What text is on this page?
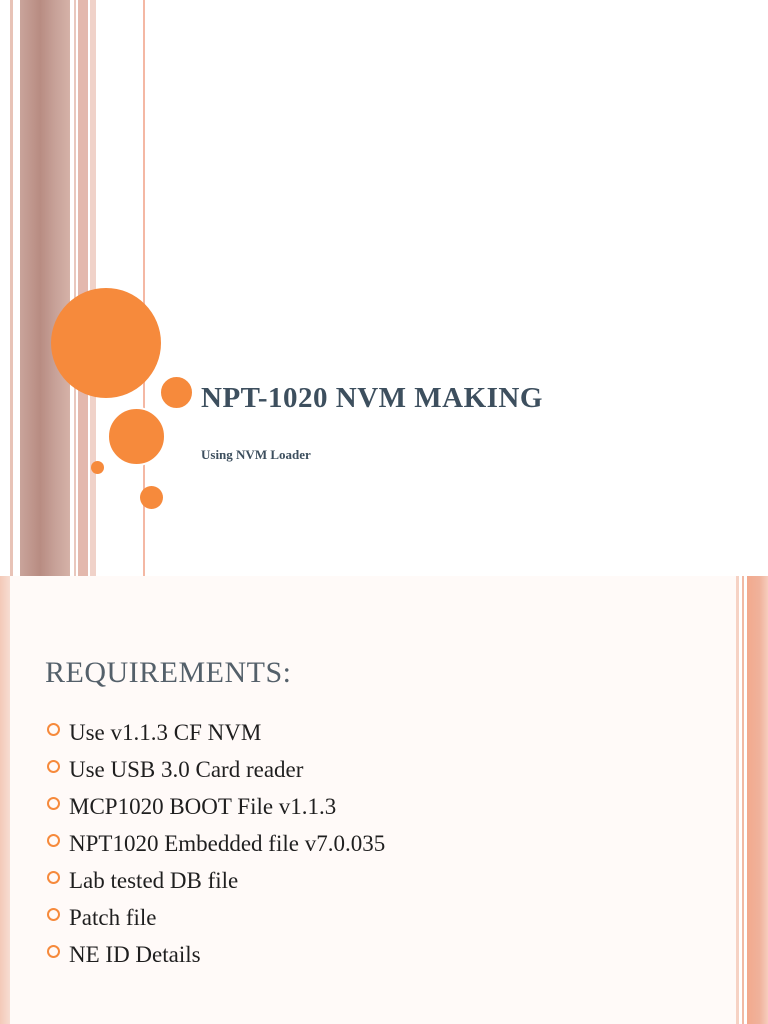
NPT-1020 NVM MAKING
Using NVM Loader
REQUIREMENTS:
Use v1.1.3 CF NVM
Use USB 3.0 Card reader
MCP1020 BOOT File v1.1.3
NPT1020 Embedded file v7.0.035
Lab tested DB file
Patch file
NE ID Details
